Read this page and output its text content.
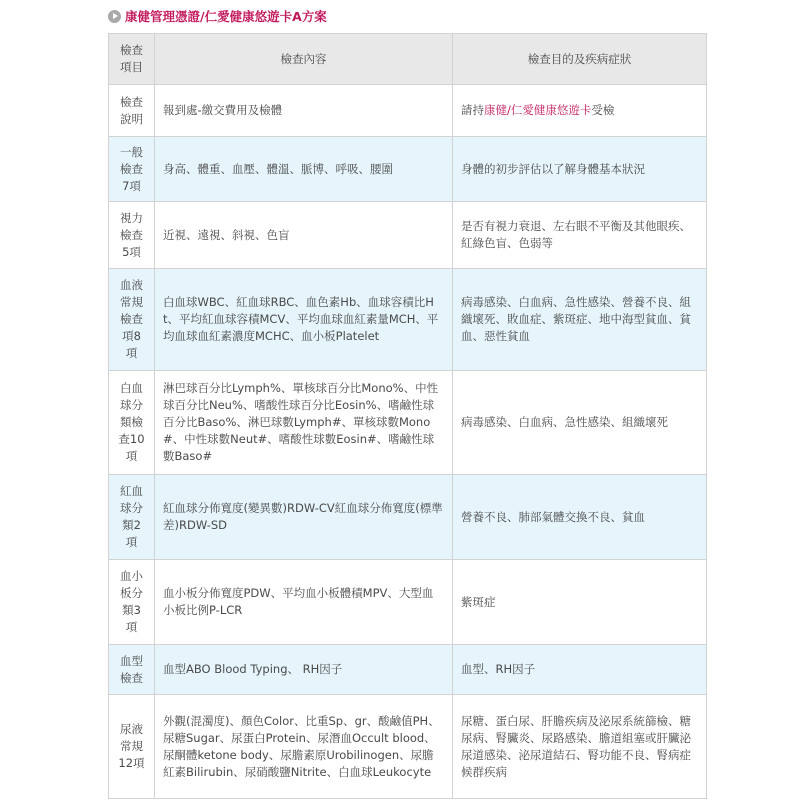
康健管理憑證/仁愛健康悠遊卡A方案
檢查
項目	檢查內容	檢查目的及疾病症狀
檢查
說明	報到處-繳交費用及檢體	請持康健/仁愛健康悠遊卡受檢
一般
檢查
7項	身高、體重、血壓、體溫、脈博、呼吸、腰圍	身體的初步評估以了解身體基本狀況
視力
檢查
5項	近視、遠視、斜視、色盲	是否有視力衰退、左右眼不平衡及其他眼疾、紅綠色盲、色弱等
血液
常規
檢查
項8
項	白血球WBC、紅血球RBC、血色素Hb、血球容積比Ht、平均紅血球容積MCV、平均血球血紅素量MCH、平均血球血紅素濃度MCHC、血小板Platelet	病毒感染、白血病、急性感染、營養不良、組織壞死、敗血症、紫斑症、地中海型貧血、貧血、惡性貧血
白血
球分
類檢
查10
項	淋巴球百分比Lymph%、單核球百分比Mono%、中性球百分比Neu%、嗜酸性球百分比Eosin%、嗜鹼性球百分比Baso%、淋巴球數Lymph#、單核球數Mono#、中性球數Neut#、嗜酸性球數Eosin#、嗜鹼性球數Baso#	病毒感染、白血病、急性感染、組織壞死
紅血
球分
類2
項	紅血球分佈寬度(變異數)RDW-CV紅血球分佈寬度(標準差)RDW-SD	營養不良、肺部氣體交換不良、貧血
血小
板分
類3
項	血小板分佈寬度PDW、平均血小板體積MPV、大型血小板比例P-LCR	紫斑症
血型
檢查	血型ABO Blood Typing、 RH因子	血型、RH因子
尿液
常規
12項	外觀(混濁度)、顏色Color、比重Sp、gr、酸鹼值PH、尿糖Sugar、尿蛋白Protein、尿潛血Occult blood、尿酮體ketone body、尿膽素原Urobilinogen、尿膽紅素Bilirubin、尿硝酸鹽Nitrite、白血球Leukocyte	尿糖、蛋白尿、肝膽疾病及泌尿系統篩檢、糖尿病、腎臟炎、尿路感染、膽道組塞或肝臟泌尿道感染、泌尿道結石、腎功能不良、腎病症候群疾病
